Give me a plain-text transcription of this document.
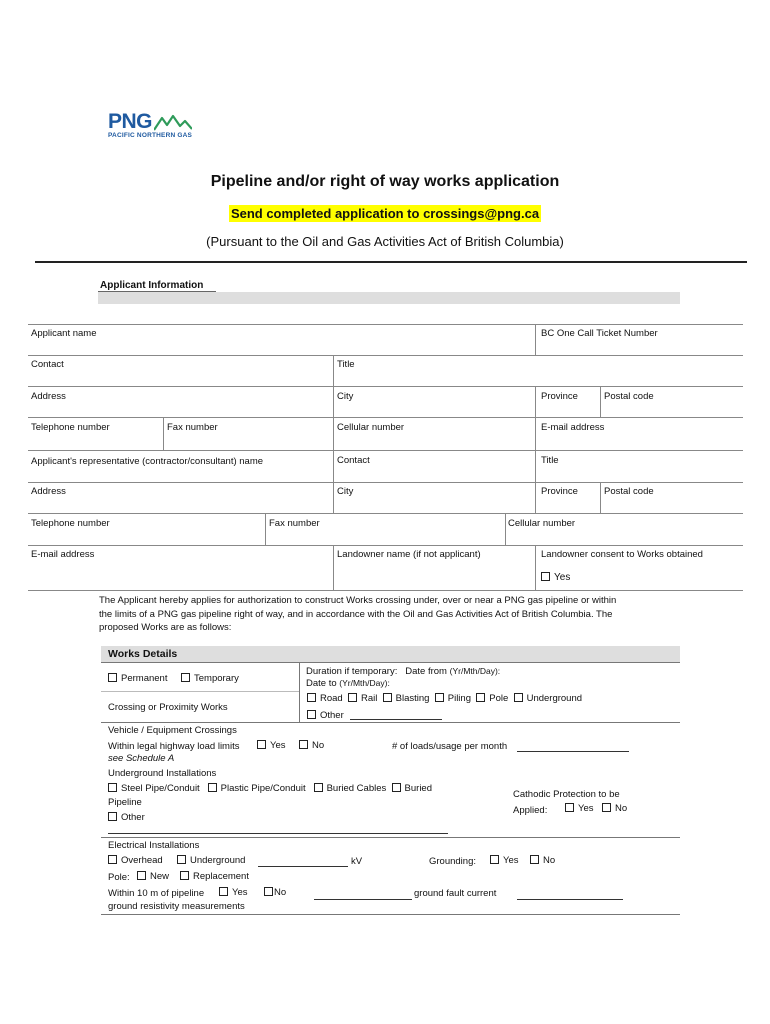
PNG
PACIFIC NORTHERN GAS
Pipeline and/or right of way works application
Send completed application to crossings@png.ca
(Pursuant to the Oil and Gas Activities Act of British Columbia)
Applicant Information
Applicant name	BC One Call Ticket Number
Contact	Title
Address	City	Province	Postal code
Telephone number	Fax number	Cellular number	E-mail address
Applicant's representative (contractor/consultant) name	Contact	Title
Address	City	Province	Postal code
Telephone number	Fax number	Cellular number
E-mail address	Landowner name (if not applicant)	Landowner consent to Works obtained
Yes
The Applicant hereby applies for authorization to construct Works crossing under, over or near a PNG gas pipeline or within the limits of a PNG gas pipeline right of way, and in accordance with the Oil and Gas Activities Act of British Columbia. The proposed Works are as follows:
Works Details
Permanent	Temporary
Duration if temporary: Date from (Yr/Mth/Day):
Date to (Yr/Mth/Day):
Crossing or Proximity Works
Road Rail Blasting Piling Pole Underground
Other
Vehicle / Equipment Crossings
Within legal highway load limits	Yes	No	# of loads/usage per month
see Schedule A
Underground Installations
Steel Pipe/Conduit Plastic Pipe/Conduit Buried Cables Buried
Pipeline
Cathodic Protection to be
Applied:	Yes	No
Other
Electrical Installations
Overhead	Underground	kV	Grounding:	Yes	No
Pole:	New	Replacement
Within 10 m of pipeline	Yes	No	ground fault current
ground resistivity measurements
